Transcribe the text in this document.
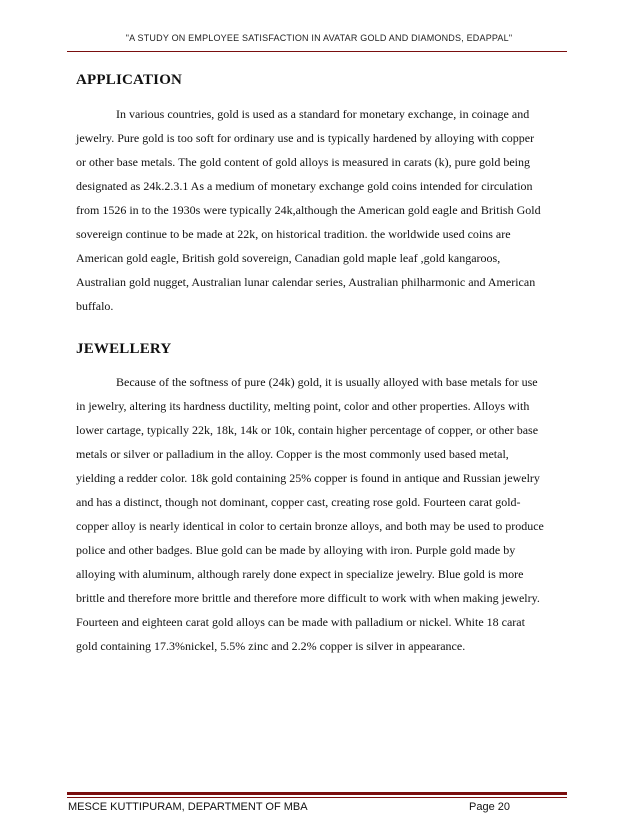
"A STUDY ON EMPLOYEE SATISFACTION IN AVATAR GOLD AND DIAMONDS, EDAPPAL"
APPLICATION
In various countries, gold is used as a standard for monetary exchange, in coinage and
jewelry. Pure gold is too soft for ordinary use and is typically hardened by alloying with copper
or other base metals. The gold content of gold alloys is measured in carats (k), pure gold being
designated as 24k.2.3.1 As a medium of monetary exchange gold coins intended for circulation
from 1526 in to the 1930s were typically 24k,although the American gold eagle and British Gold
sovereign continue to be made at 22k, on historical tradition. the worldwide used coins are
American gold eagle, British gold sovereign, Canadian gold maple leaf ,gold kangaroos,
Australian gold nugget, Australian lunar calendar series, Australian philharmonic and American
buffalo.
JEWELLERY
Because of the softness of pure (24k) gold, it is usually alloyed with base metals for use
in jewelry, altering its hardness ductility, melting point, color and other properties. Alloys with
lower cartage, typically 22k, 18k, 14k or 10k, contain higher percentage of copper, or other base
metals or silver or palladium in the alloy. Copper is the most commonly used based metal,
yielding a redder color. 18k gold containing 25% copper is found in antique and Russian jewelry
and has a distinct, though not dominant, copper cast, creating rose gold. Fourteen carat gold-
copper alloy is nearly identical in color to certain bronze alloys, and both may be used to produce
police and other badges. Blue gold can be made by alloying with iron. Purple gold made by
alloying with aluminum, although rarely done expect in specialize jewelry. Blue gold is more
brittle and therefore more brittle and therefore more difficult to work with when making jewelry.
Fourteen and eighteen carat gold alloys can be made with palladium or nickel. White 18 carat
gold containing 17.3%nickel, 5.5% zinc and 2.2% copper is silver in appearance.
MESCE KUTTIPURAM, DEPARTMENT OF MBA	Page 20
